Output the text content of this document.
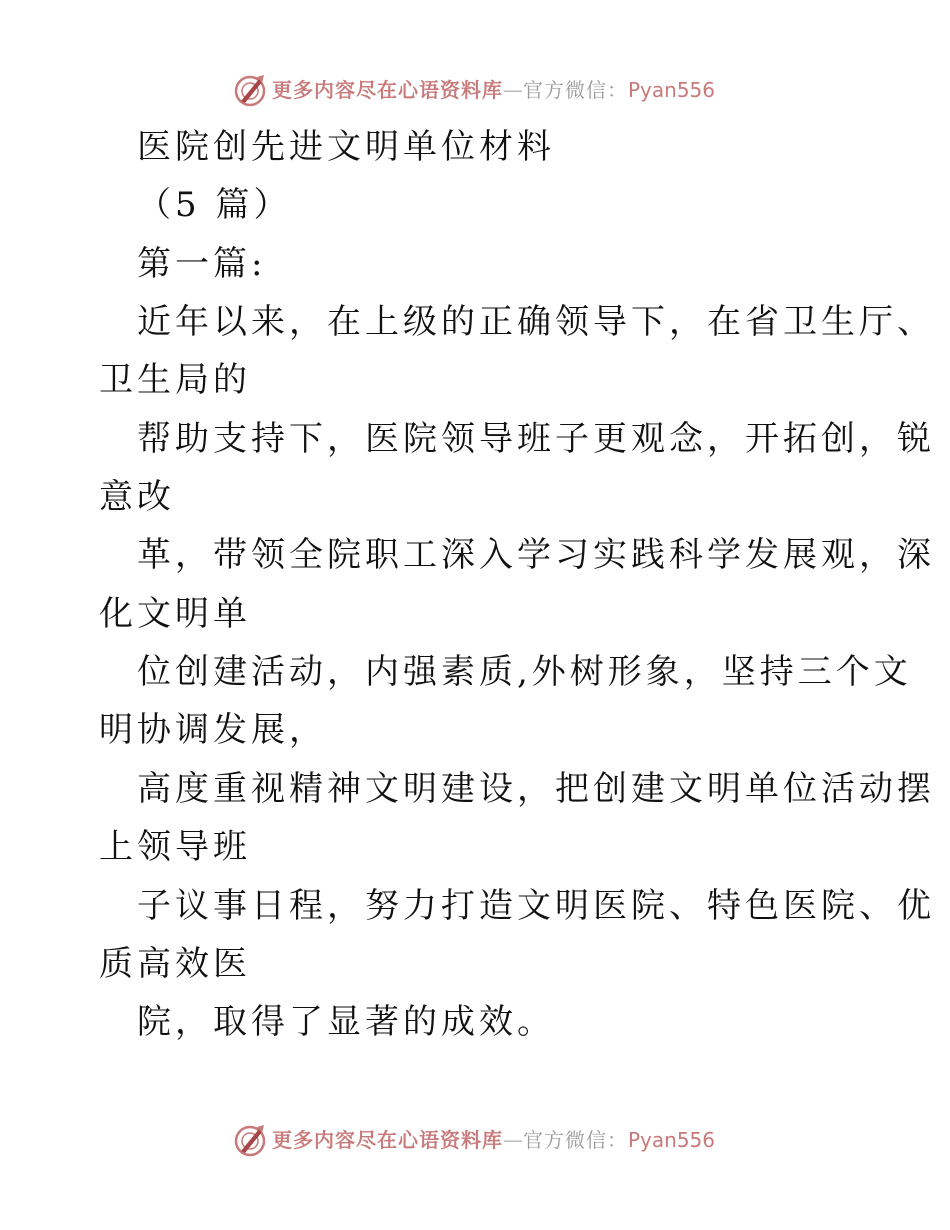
更多内容尽在心语资料库—官方微信：Pyan556
医院创先进文明单位材料
（5 篇）
第一篇:
近年以来，在上级的正确领导下，在省卫生厅、
卫生局的
帮助支持下，医院领导班子更观念，开拓创，锐
意改
革，带领全院职工深入学习实践科学发展观，深
化文明单
位创建活动，内强素质,外树形象，坚持三个文
明协调发展，
高度重视精神文明建设，把创建文明单位活动摆
上领导班
子议事日程，努力打造文明医院、特色医院、优
质高效医
院，取得了显著的成效。
更多内容尽在心语资料库—官方微信：Pyan556
